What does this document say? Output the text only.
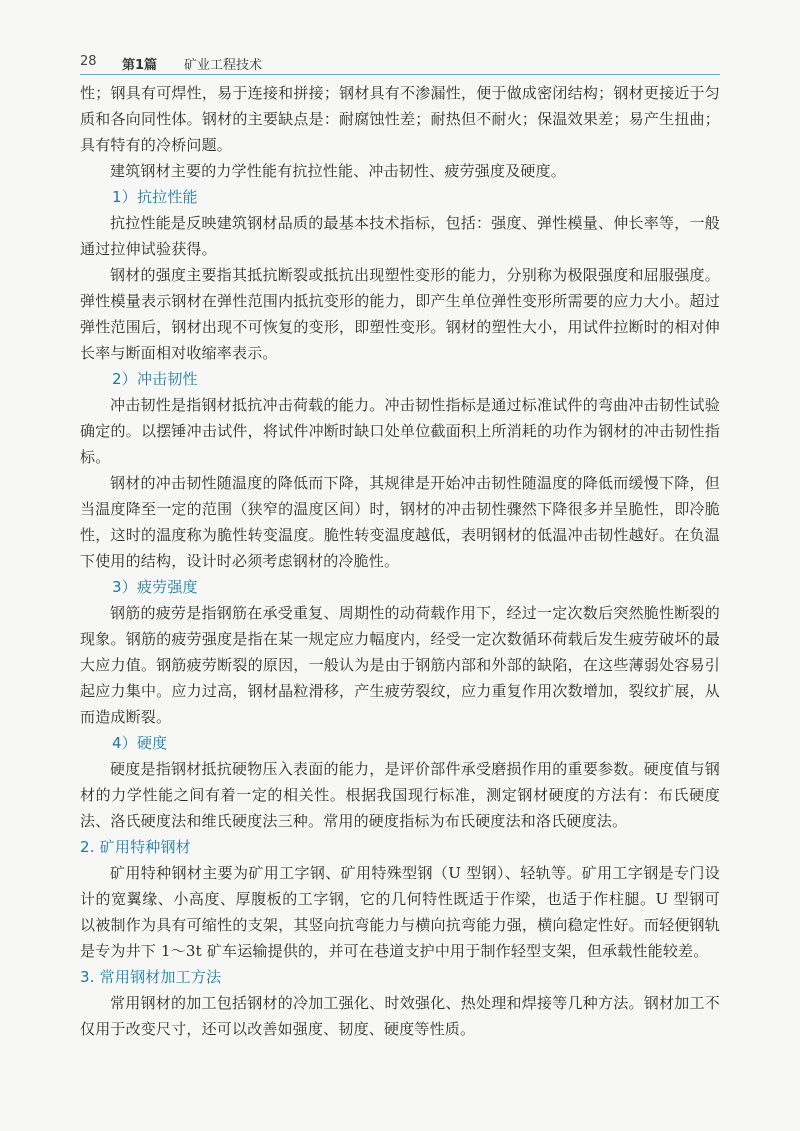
28 第1篇 矿业工程技术

性；钢具有可焊性，易于连接和拼接；钢材具有不渗漏性，便于做成密闭结构；钢材更接近于匀质和各向同性体。钢材的主要缺点是：耐腐蚀性差；耐热但不耐火；保温效果差；易产生扭曲；具有特有的冷桥问题。

建筑钢材主要的力学性能有抗拉性能、冲击韧性、疲劳强度及硬度。

1）抗拉性能

抗拉性能是反映建筑钢材品质的最基本技术指标，包括：强度、弹性模量、伸长率等，一般通过拉伸试验获得。

钢材的强度主要指其抵抗断裂或抵抗出现塑性变形的能力，分别称为极限强度和屈服强度。弹性模量表示钢材在弹性范围内抵抗变形的能力，即产生单位弹性变形所需要的应力大小。超过弹性范围后，钢材出现不可恢复的变形，即塑性变形。钢材的塑性大小，用试件拉断时的相对伸长率与断面相对收缩率表示。

2）冲击韧性

冲击韧性是指钢材抵抗冲击荷载的能力。冲击韧性指标是通过标准试件的弯曲冲击韧性试验确定的。以摆锤冲击试件，将试件冲断时缺口处单位截面积上所消耗的功作为钢材的冲击韧性指标。

钢材的冲击韧性随温度的降低而下降，其规律是开始冲击韧性随温度的降低而缓慢下降，但当温度降至一定的范围（狭窄的温度区间）时，钢材的冲击韧性骤然下降很多并呈脆性，即冷脆性，这时的温度称为脆性转变温度。脆性转变温度越低，表明钢材的低温冲击韧性越好。在负温下使用的结构，设计时必须考虑钢材的冷脆性。

3）疲劳强度

钢筋的疲劳是指钢筋在承受重复、周期性的动荷载作用下，经过一定次数后突然脆性断裂的现象。钢筋的疲劳强度是指在某一规定应力幅度内，经受一定次数循环荷载后发生疲劳破坏的最大应力值。钢筋疲劳断裂的原因，一般认为是由于钢筋内部和外部的缺陷，在这些薄弱处容易引起应力集中。应力过高，钢材晶粒滑移，产生疲劳裂纹，应力重复作用次数增加，裂纹扩展，从而造成断裂。

4）硬度

硬度是指钢材抵抗硬物压入表面的能力，是评价部件承受磨损作用的重要参数。硬度值与钢材的力学性能之间有着一定的相关性。根据我国现行标准，测定钢材硬度的方法有：布氏硬度法、洛氏硬度法和维氏硬度法三种。常用的硬度指标为布氏硬度法和洛氏硬度法。

2. 矿用特种钢材

矿用特种钢材主要为矿用工字钢、矿用特殊型钢（U 型钢）、轻轨等。矿用工字钢是专门设计的宽翼缘、小高度、厚腹板的工字钢，它的几何特性既适于作梁，也适于作柱腿。U 型钢可以被制作为具有可缩性的支架，其竖向抗弯能力与横向抗弯能力强，横向稳定性好。而轻便钢轨是专为井下 1～3t 矿车运输提供的，并可在巷道支护中用于制作轻型支架，但承载性能较差。

3. 常用钢材加工方法

常用钢材的加工包括钢材的冷加工强化、时效强化、热处理和焊接等几种方法。钢材加工不仅用于改变尺寸，还可以改善如强度、韧度、硬度等性质。
